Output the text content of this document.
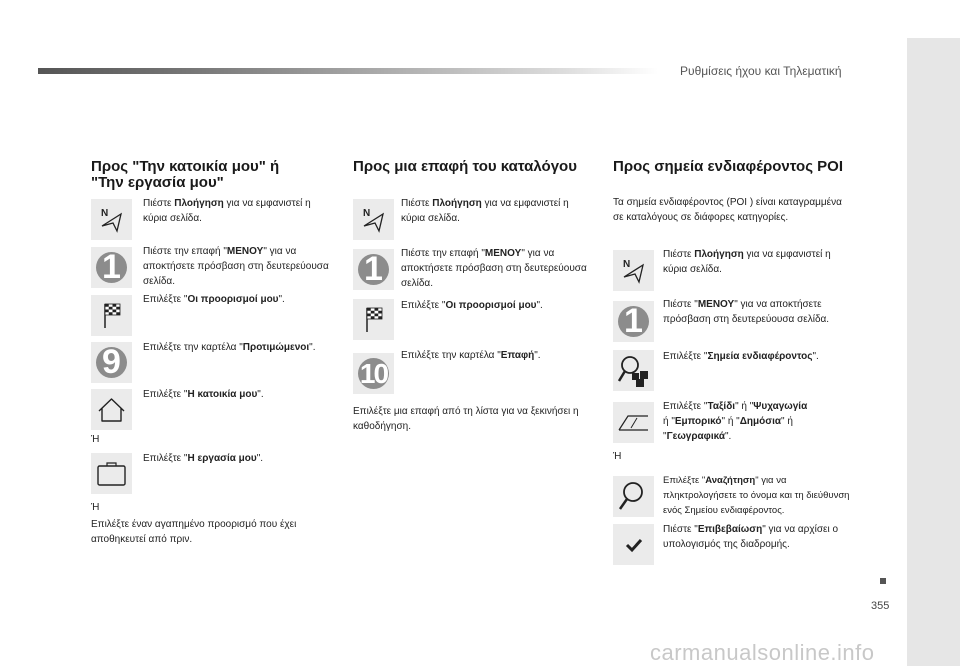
Ρυθμίσεις ήχου και Τηλεματική
355
carmanualsonline.info
Προς "Την κατοικία μου" ή
"Την εργασία μου"
N

Πιέστε Πλοήγηση για να εμφανιστεί η κύρια σελίδα.

1	Πιέστε την επαφή "ΜΕΝΟΥ" για να αποκτήσετε πρόσβαση στη δευτερεύουσα σελίδα.

Επιλέξτε "Οι προορισμοί μου".

9	Επιλέξτε την καρτέλα "Προτιμώμενοι".

Επιλέξτε "Η κατοικία μου".

Ή

Επιλέξτε "Η εργασία μου".

Ή

Επιλέξτε έναν αγαπημένο προορισμό που έχει αποθηκευτεί από πριν.

Προς μια επαφή του καταλόγου
N

Πιέστε Πλοήγηση για να εμφανιστεί η κύρια σελίδα.

1	Πιέστε την επαφή "ΜΕΝΟΥ" για να αποκτήσετε πρόσβαση στη δευτερεύουσα σελίδα.

Επιλέξτε "Οι προορισμοί μου".

10

Επιλέξτε την καρτέλα "Επαφή".

Επιλέξτε μια επαφή από τη λίστα για να ξεκινήσει η καθοδήγηση.

Προς σημεία ενδιαφέροντος POI

Τα σημεία ενδιαφέροντος (POI ) είναι καταγραμμένα σε καταλόγους σε διάφορες κατηγορίες.

N

Πιέστε Πλοήγηση για να εμφανιστεί η κύρια σελίδα.

1	Πιέστε "ΜΕΝΟΥ" για να αποκτήσετε πρόσβαση στη δευτερεύουσα σελίδα.

Επιλέξτε "Σημεία ενδιαφέροντος".

Επιλέξτε "Ταξίδι" ή "Ψυχαγωγία
ή "Εμπορικό" ή "Δημόσια" ή
"Γεωγραφικά".

Ή

Επιλέξτε "Αναζήτηση" για να πληκτρολογήσετε το όνομα και τη διεύθυνση ενός Σημείου ενδιαφέροντος.

Πιέστε "Επιβεβαίωση" για να αρχίσει ο υπολογισμός της διαδρομής.
